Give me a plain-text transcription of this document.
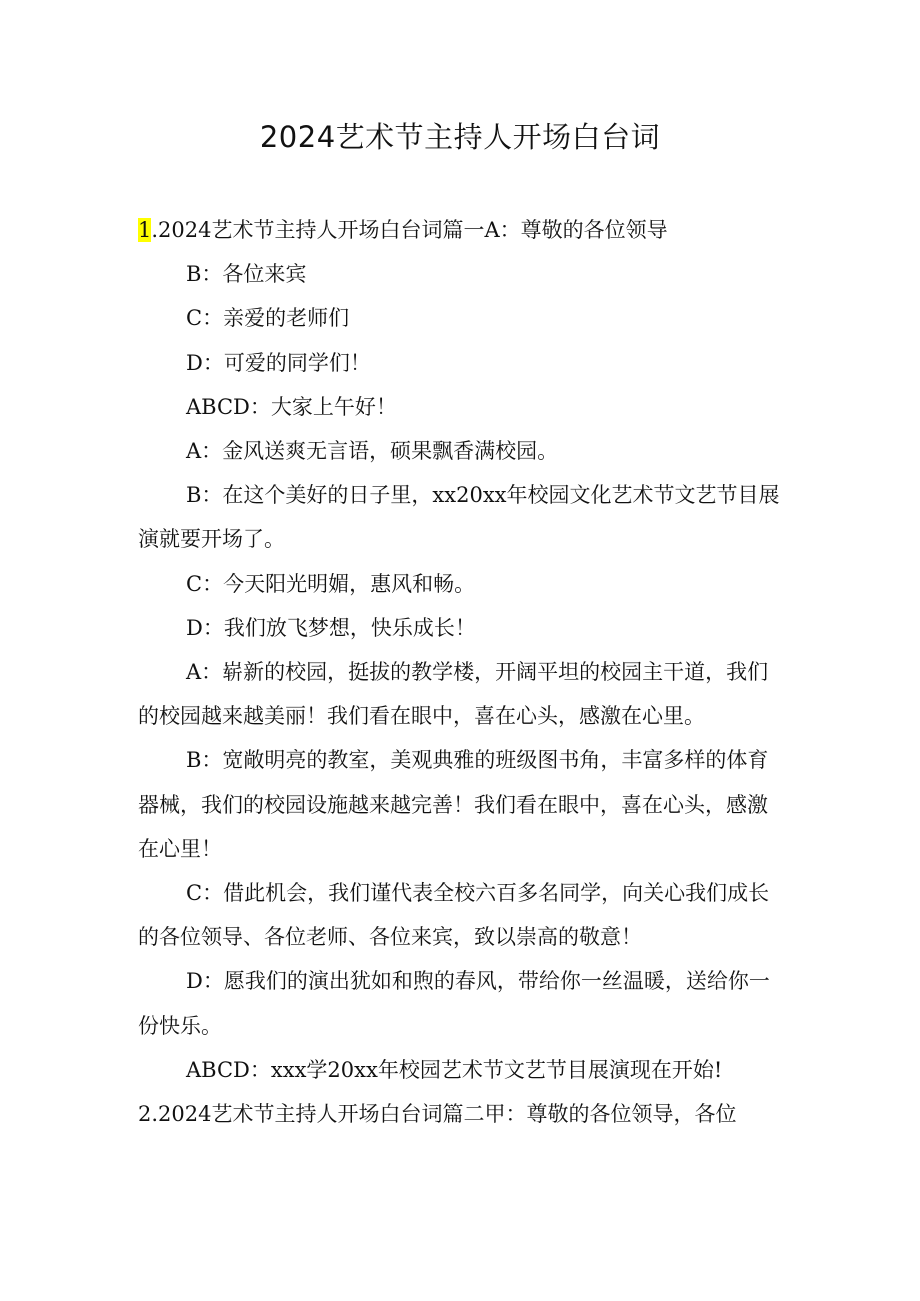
2024艺术节主持人开场白台词

1.2024艺术节主持人开场白台词篇一A：尊敬的各位领导

B：各位来宾

C：亲爱的老师们

D：可爱的同学们！

ABCD：大家上午好！

A：金风送爽无言语，硕果飘香满校园。

B：在这个美好的日子里，xx20xx年校园文化艺术节文艺节目展演就要开场了。

C：今天阳光明媚，惠风和畅。

D：我们放飞梦想，快乐成长！

A：崭新的校园，挺拔的教学楼，开阔平坦的校园主干道，我们的校园越来越美丽！我们看在眼中，喜在心头，感激在心里。

B：宽敞明亮的教室，美观典雅的班级图书角，丰富多样的体育器械，我们的校园设施越来越完善！我们看在眼中，喜在心头，感激在心里！

C：借此机会，我们谨代表全校六百多名同学，向关心我们成长的各位领导、各位老师、各位来宾，致以崇高的敬意！

D：愿我们的演出犹如和煦的春风，带给你一丝温暖，送给你一份快乐。

ABCD：xxx学20xx年校园艺术节文艺节目展演现在开始!

2.2024艺术节主持人开场白台词篇二甲：尊敬的各位领导，各位
